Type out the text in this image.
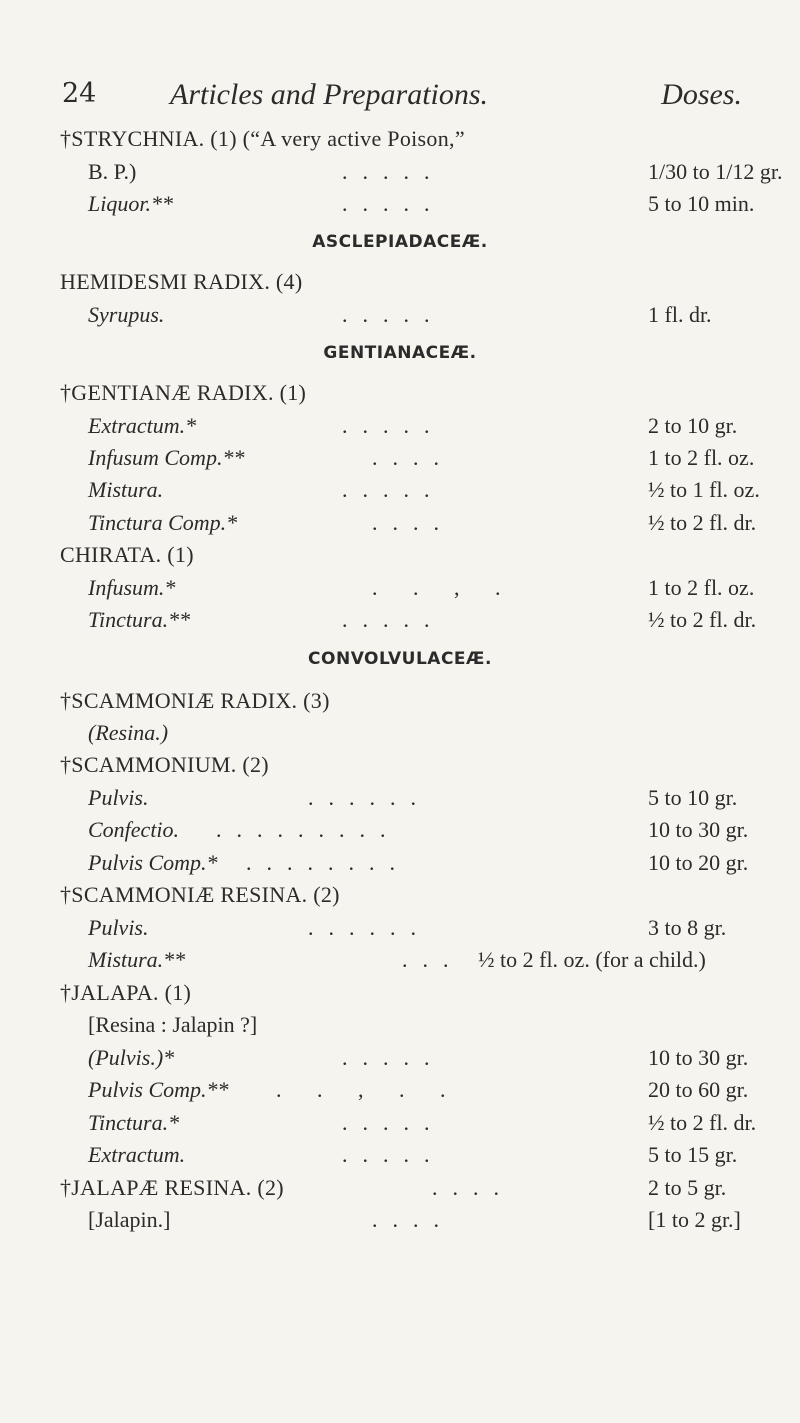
24 Articles and Preparations.	Doses.
†STRYCHNIA. (1) (“A very active Poison,”
B. P.)	.....	1/30 to 1/12 gr.
Liquor.**	.....	5 to 10 min.
ASCLEPIADACEÆ.
HEMIDESMI RADIX. (4)
Syrupus.	.....	1 fl. dr.
GENTIANACEÆ.
†GENTIANÆ RADIX. (1)
Extractum.*	.....	2 to 10 gr.
Infusum Comp.**	....	1 to 2 fl. oz.
Mistura.	.....	½ to 1 fl. oz.
Tinctura Comp.*	....	½ to 2 fl. dr.
CHIRATA. (1)
Infusum.*	. . , .	1 to 2 fl. oz.
Tinctura.**	.....	½ to 2 fl. dr.
CONVOLVULACEÆ.
†SCAMMONIÆ RADIX. (3)
(Resina.)
†SCAMMONIUM. (2)
Pulvis.	......	5 to 10 gr.
Confectio. .........	10 to 30 gr.
Pulvis Comp.* ........	10 to 20 gr.
†SCAMMONIÆ RESINA. (2)
Pulvis.	......	3 to 8 gr.
Mistura.**	... ½ to 2 fl. oz. (for a child.)
†JALAPA. (1)
[Resina : Jalapin ?]
(Pulvis.)*	.....	10 to 30 gr.
Pulvis Comp.** . . , . .	20 to 60 gr.
Tinctura.*	.....	½ to 2 fl. dr.
Extractum.	.....	5 to 15 gr.
†JALAPÆ RESINA. (2)	....	2 to 5 gr.
[Jalapin.]	....	[1 to 2 gr.]
